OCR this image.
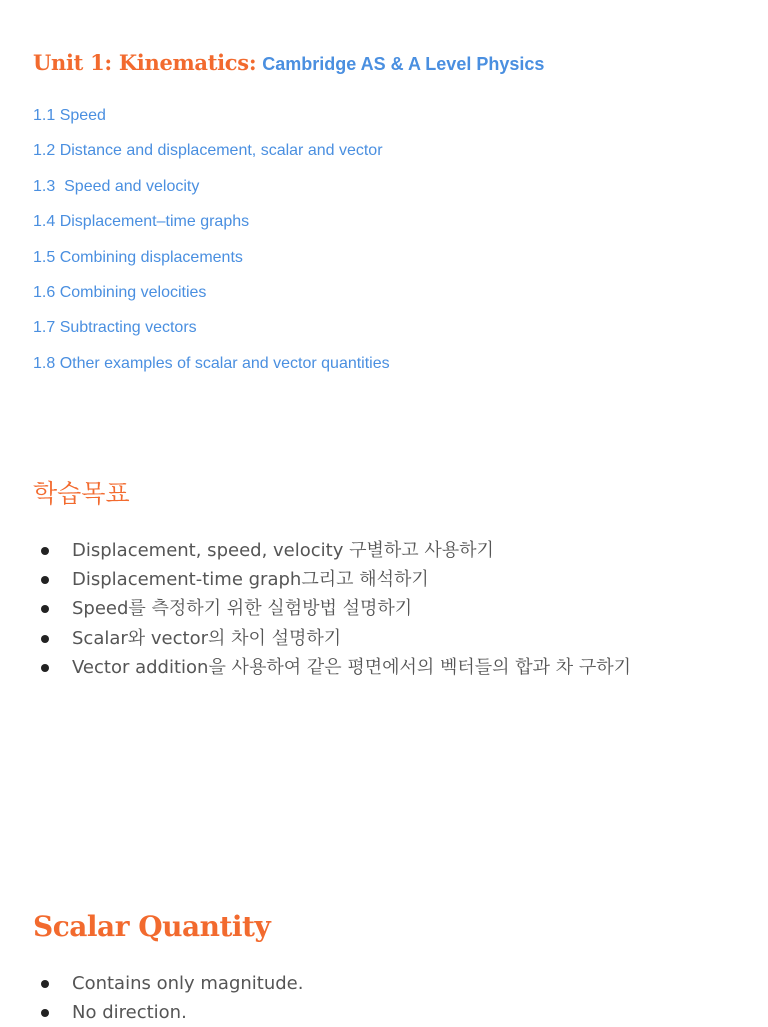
Unit 1: Kinematics: Cambridge AS & A Level Physics
1.1 Speed
1.2 Distance and displacement, scalar and vector
1.3  Speed and velocity
1.4 Displacement–time graphs
1.5 Combining displacements
1.6 Combining velocities
1.7 Subtracting vectors
1.8 Other examples of scalar and vector quantities
학습목표
Displacement, speed, velocity 구별하고 사용하기
Displacement-time graph그리고 해석하기
Speed를 측정하기 위한 실험방법 설명하기
Scalar와 vector의 차이 설명하기
Vector addition을 사용하여 같은 평면에서의 벡터들의 합과 차 구하기
Scalar Quantity
Contains only magnitude.
No direction.
